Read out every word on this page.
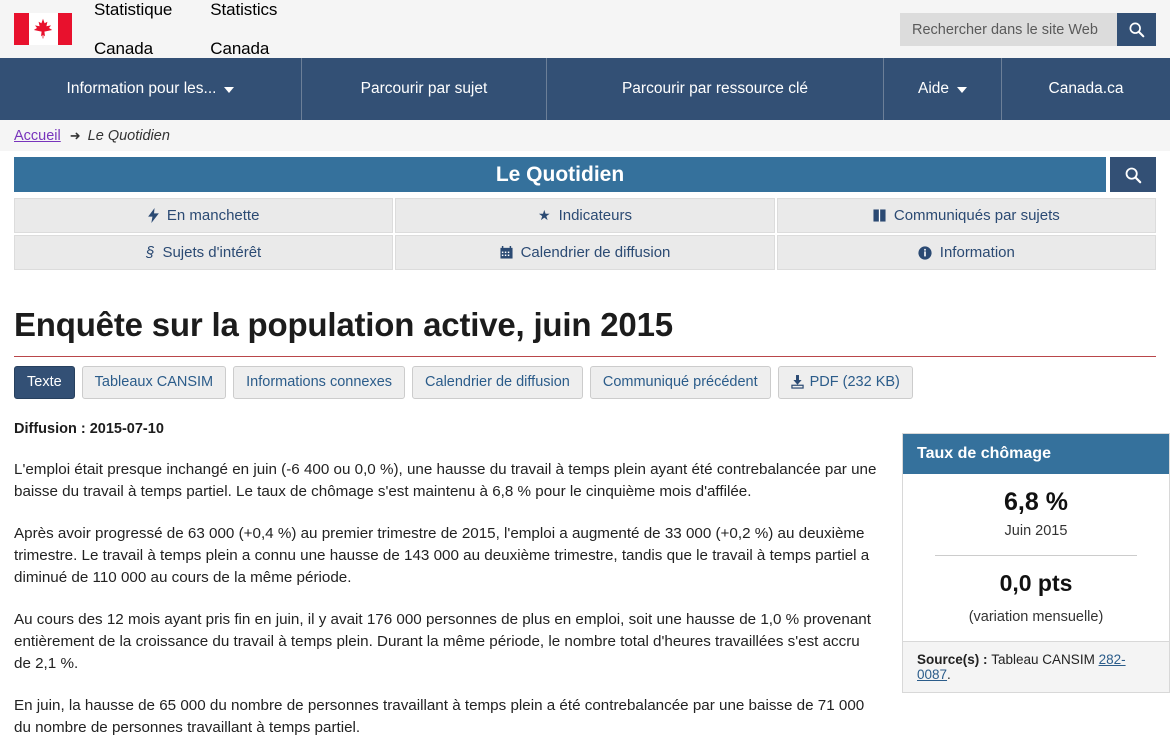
Statistique

Canada
Statistics

Canada
Rechercher dans le site Web
Information pour les...	Parcourir par sujet	Parcourir par ressource clé	Aide	Canada.ca
Accueil ➜ Le Quotidien
Le Quotidien
En manchette	★ Indicateurs	Communiqués par sujets
§ Sujets d'intérêt	Calendrier de diffusion	Information
Enquête sur la population active, juin 2015
Texte Tableaux CANSIM Informations connexes Calendrier de diffusion Communiqué précédent	PDF (232 KB)
Diffusion : 2015-07-10

L'emploi était presque inchangé en juin (-6 400 ou 0,0 %), une hausse du travail à temps plein ayant été contrebalancée par une baisse du travail à temps partiel. Le taux de chômage s'est maintenu à 6,8 % pour le cinquième mois d'affilée.

Après avoir progressé de 63 000 (+0,4 %) au premier trimestre de 2015, l'emploi a augmenté de 33 000 (+0,2 %) au deuxième trimestre. Le travail à temps plein a connu une hausse de 143 000 au deuxième trimestre, tandis que le travail à temps partiel a diminué de 110 000 au cours de la même période.

Au cours des 12 mois ayant pris fin en juin, il y avait 176 000 personnes de plus en emploi, soit une hausse de 1,0 % provenant entièrement de la croissance du travail à temps plein. Durant la même période, le nombre total d'heures travaillées s'est accru de 2,1 %.

En juin, la hausse de 65 000 du nombre de personnes travaillant à temps plein a été contrebalancée par une baisse de 71 000 du nombre de personnes travaillant à temps partiel.

Taux de chômage
6,8 %
Juin 2015
0,0 pts
(variation mensuelle)
Source(s) : Tableau CANSIM 282-0087.
